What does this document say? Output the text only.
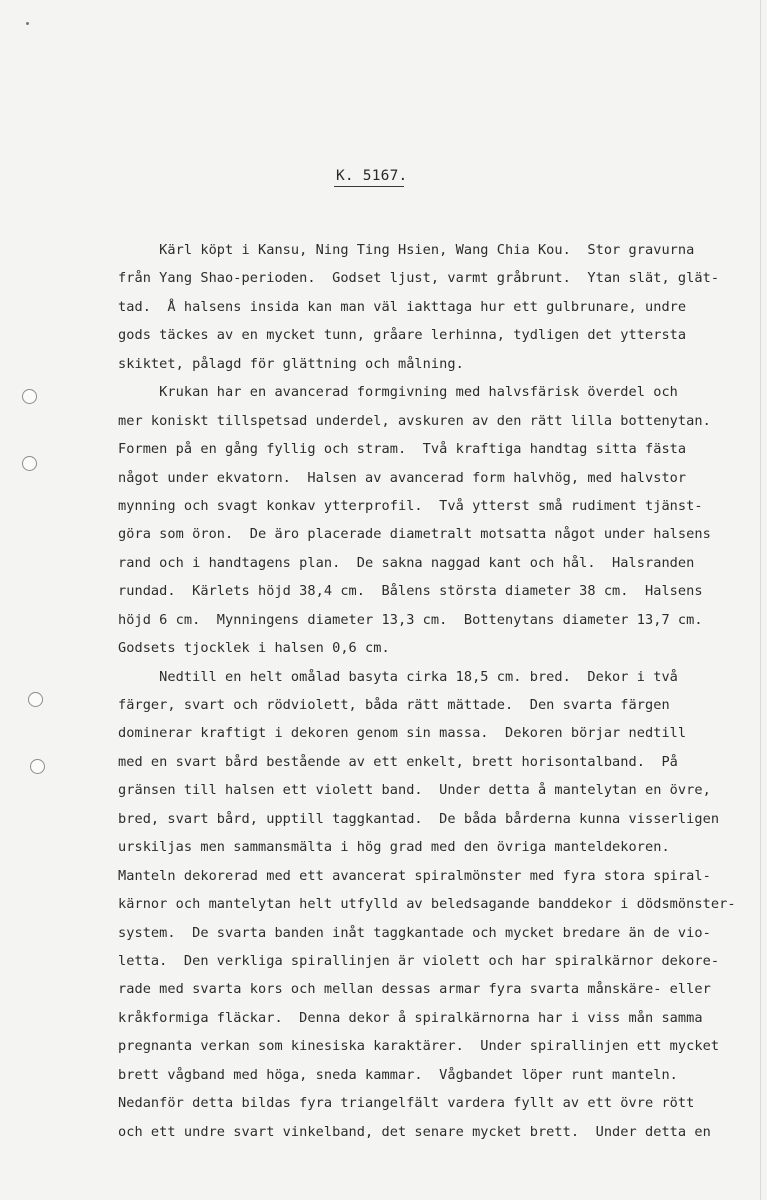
K. 5167.
Kärl köpt i Kansu, Ning Ting Hsien, Wang Chia Kou.  Stor gravurna
från Yang Shao-perioden.  Godset ljust, varmt gråbrunt.  Ytan slät, glät-
tad.  Å halsens insida kan man väl iakttaga hur ett gulbrunare, undre
gods täckes av en mycket tunn, gråare lerhinna, tydligen det yttersta
skiktet, pålagd för glättning och målning.
Krukan har en avancerad formgivning med halvsfärisk överdel och
mer koniskt tillspetsad underdel, avskuren av den rätt lilla bottenytan.
Formen på en gång fyllig och stram.  Två kraftiga handtag sitta fästa
något under ekvatorn.  Halsen av avancerad form halvhög, med halvstor
mynning och svagt konkav ytterprofil.  Två ytterst små rudiment tjänst-
göra som öron.  De äro placerade diametralt motsatta något under halsens
rand och i handtagens plan.  De sakna naggad kant och hål.  Halsranden
rundad.  Kärlets höjd 38,4 cm.  Bålens största diameter 38 cm.  Halsens
höjd 6 cm.  Mynningens diameter 13,3 cm.  Bottenytans diameter 13,7 cm.
Godsets tjocklek i halsen 0,6 cm.
Nedtill en helt omålad basyta cirka 18,5 cm. bred.  Dekor i två
färger, svart och rödviolett, båda rätt mättade.  Den svarta färgen
dominerar kraftigt i dekoren genom sin massa.  Dekoren börjar nedtill
med en svart bård bestående av ett enkelt, brett horisontalband.  På
gränsen till halsen ett violett band.  Under detta å mantelytan en övre,
bred, svart bård, upptill taggkantad.  De båda bårderna kunna visserligen
urskiljas men sammansmälta i hög grad med den övriga manteldekoren.
Manteln dekorerad med ett avancerat spiralmönster med fyra stora spiral-
kärnor och mantelytan helt utfylld av beledsagande banddekor i dödsmönster-
system.  De svarta banden inåt taggkantade och mycket bredare än de vio-
letta.  Den verkliga spirallinjen är violett och har spiralkärnor dekore-
rade med svarta kors och mellan dessas armar fyra svarta månskäre- eller
kråkformiga fläckar.  Denna dekor å spiralkärnorna har i viss mån samma
pregnanta verkan som kinesiska karaktärer.  Under spirallinjen ett mycket
brett vågband med höga, sneda kammar.  Vågbandet löper runt manteln.
Nedanför detta bildas fyra triangelfält vardera fyllt av ett övre rött
och ett undre svart vinkelband, det senare mycket brett.  Under detta en
